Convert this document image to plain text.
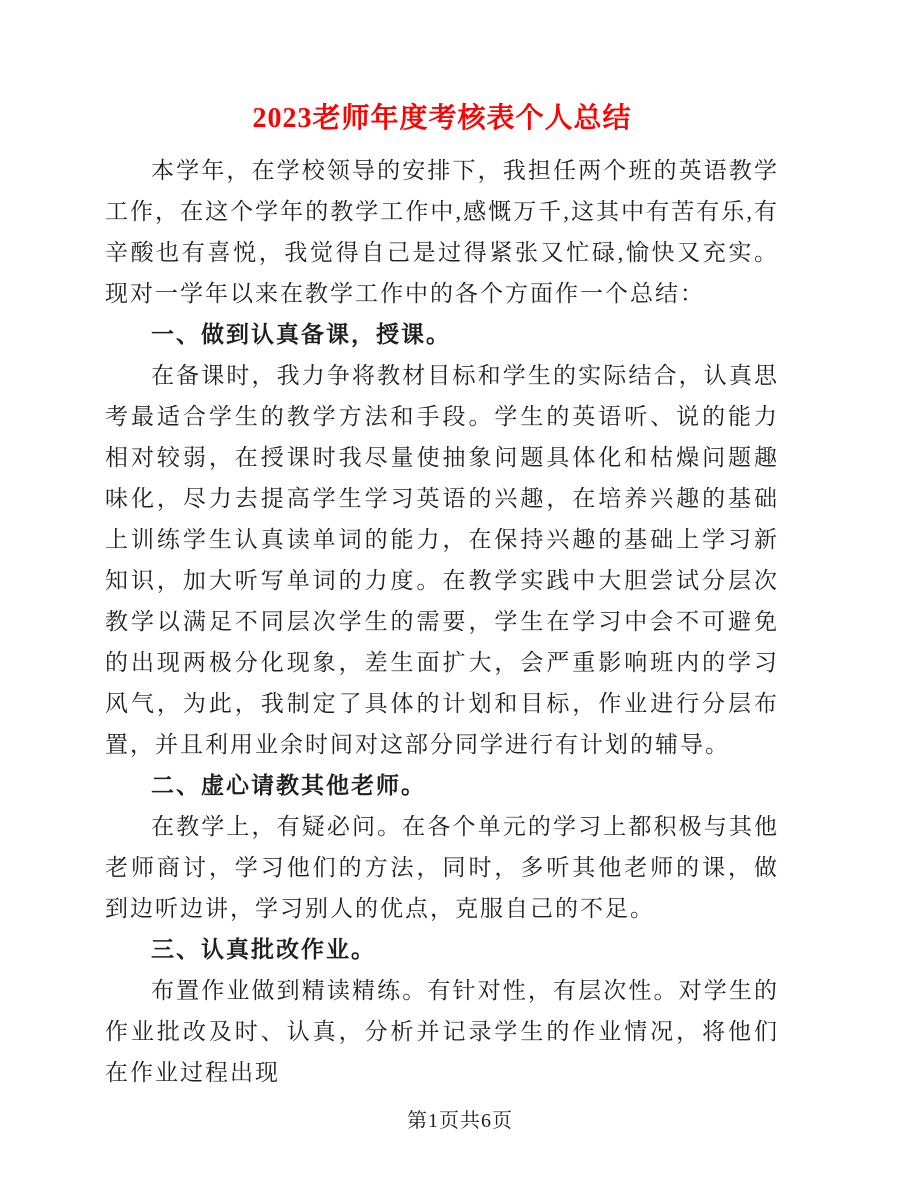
2023老师年度考核表个人总结

本学年，在学校领导的安排下，我担任两个班的英语教学工作，在这个学年的教学工作中,感慨万千,这其中有苦有乐,有辛酸也有喜悦，我觉得自己是过得紧张又忙碌,愉快又充实。现对一学年以来在教学工作中的各个方面作一个总结：

一、做到认真备课，授课。

在备课时，我力争将教材目标和学生的实际结合，认真思考最适合学生的教学方法和手段。学生的英语听、说的能力相对较弱，在授课时我尽量使抽象问题具体化和枯燥问题趣味化，尽力去提高学生学习英语的兴趣，在培养兴趣的基础上训练学生认真读单词的能力，在保持兴趣的基础上学习新知识，加大听写单词的力度。在教学实践中大胆尝试分层次教学以满足不同层次学生的需要，学生在学习中会不可避免的出现两极分化现象，差生面扩大，会严重影响班内的学习风气，为此，我制定了具体的计划和目标，作业进行分层布置，并且利用业余时间对这部分同学进行有计划的辅导。

二、虚心请教其他老师。

在教学上，有疑必问。在各个单元的学习上都积极与其他老师商讨，学习他们的方法，同时，多听其他老师的课，做到边听边讲，学习别人的优点，克服自己的不足。

三、认真批改作业。

布置作业做到精读精练。有针对性，有层次性。对学生的作业批改及时、认真，分析并记录学生的作业情况，将他们在作业过程出现

第1页共6页
